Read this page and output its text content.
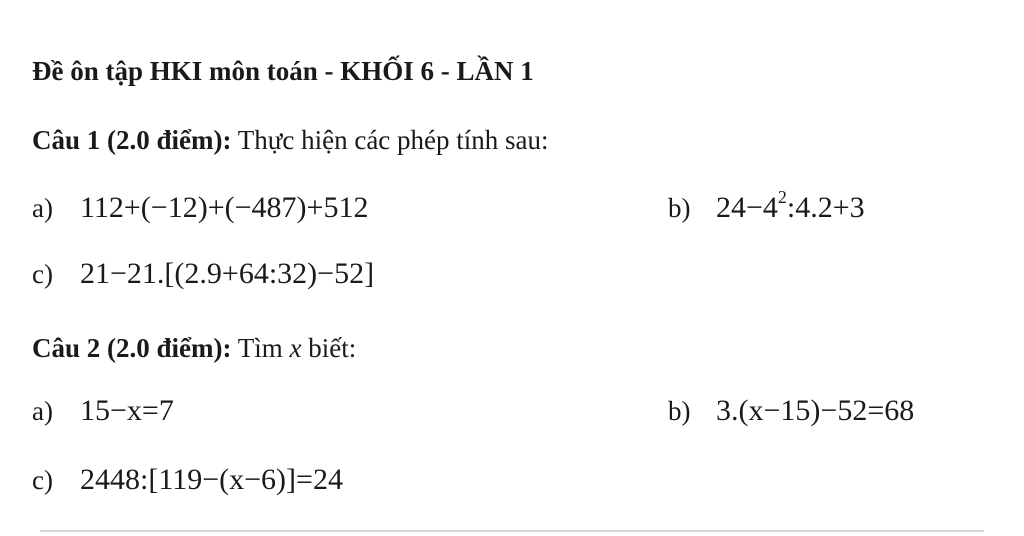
Đề ôn tập HKI môn toán - KHỐI 6 - LẦN 1
Câu 1 (2.0 điểm): Thực hiện các phép tính sau:
a) 112+(−12)+(−487)+512	b) $24-4^2:4.2+3$
c) 21−21.[(2.9+64:32)−52]
Câu 2 (2.0 điểm): Tìm x biết:
a) 15−x=7	b) 3.(x−15)−52=68
c) 2448:[119−(x−6)]=24
